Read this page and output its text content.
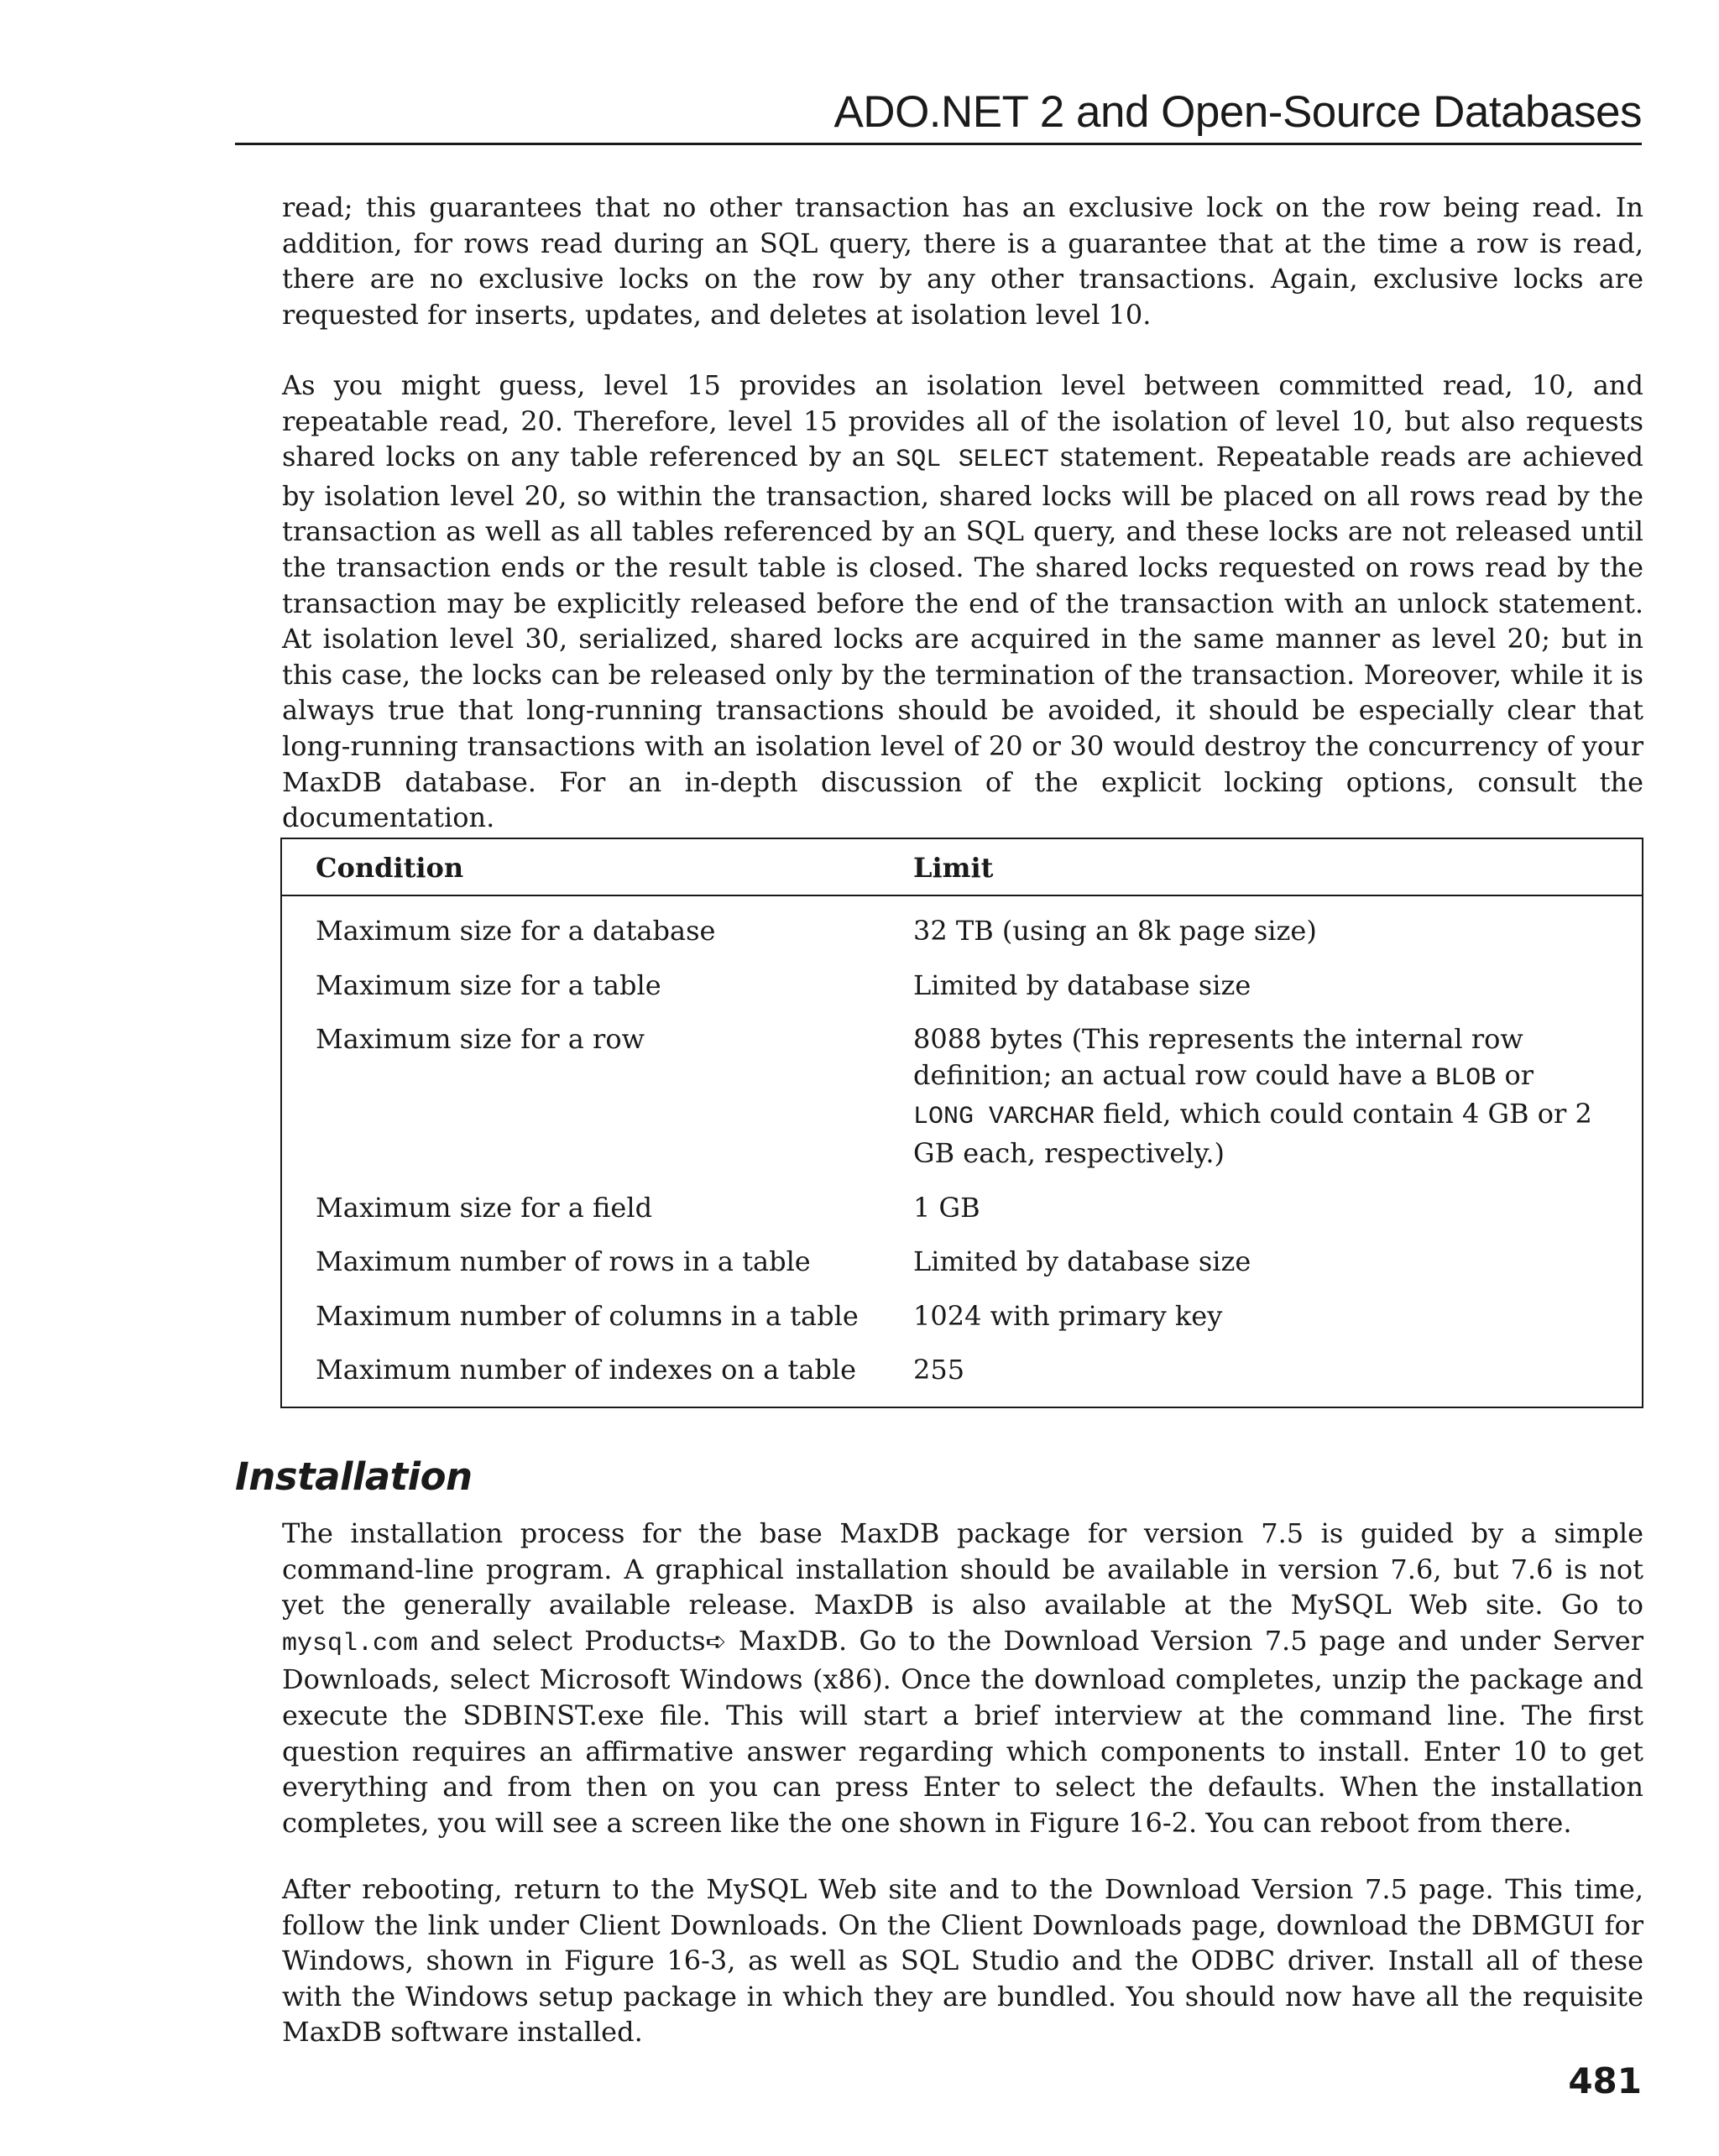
ADO.NET 2 and Open-Source Databases

read; this guarantees that no other transaction has an exclusive lock on the row being read. In addition, for rows read during an SQL query, there is a guarantee that at the time a row is read, there are no exclusive locks on the row by any other transactions. Again, exclusive locks are requested for inserts, updates, and deletes at isolation level 10.

As you might guess, level 15 provides an isolation level between committed read, 10, and repeatable read, 20. Therefore, level 15 provides all of the isolation of level 10, but also requests shared locks on any table referenced by an SQL SELECT statement. Repeatable reads are achieved by isolation level 20, so within the transaction, shared locks will be placed on all rows read by the transaction as well as all tables referenced by an SQL query, and these locks are not released until the transaction ends or the result table is closed. The shared locks requested on rows read by the transaction may be explicitly released before the end of the transaction with an unlock statement. At isolation level 30, serialized, shared locks are acquired in the same manner as level 20; but in this case, the locks can be released only by the termination of the transaction. Moreover, while it is always true that long-running transactions should be avoided, it should be especially clear that long-running transactions with an isolation level of 20 or 30 would destroy the concurrency of your MaxDB database. For an in-depth discussion of the explicit locking options, consult the documentation.

Condition	Limit
Maximum size for a database	32 TB (using an 8k page size)
Maximum size for a table	Limited by database size
Maximum size for a row	8088 bytes (This represents the internal row definition; an actual row could have a BLOB or LONG VARCHAR field, which could contain 4 GB or 2 GB each, respectively.)
Maximum size for a field	1 GB
Maximum number of rows in a table	Limited by database size
Maximum number of columns in a table	1024 with primary key
Maximum number of indexes on a table	255
Installation

The installation process for the base MaxDB package for version 7.5 is guided by a simple command-line program. A graphical installation should be available in version 7.6, but 7.6 is not yet the generally available release. MaxDB is also available at the MySQL Web site. Go to mysql.com and select Products➪ MaxDB. Go to the Download Version 7.5 page and under Server Downloads, select Microsoft Windows (x86). Once the download completes, unzip the package and execute the SDBINST.exe file. This will start a brief interview at the command line. The first question requires an affirmative answer regarding which components to install. Enter 10 to get everything and from then on you can press Enter to select the defaults. When the installation completes, you will see a screen like the one shown in Figure 16-2. You can reboot from there.

After rebooting, return to the MySQL Web site and to the Download Version 7.5 page. This time, follow the link under Client Downloads. On the Client Downloads page, download the DBMGUI for Windows, shown in Figure 16-3, as well as SQL Studio and the ODBC driver. Install all of these with the Windows setup package in which they are bundled. You should now have all the requisite MaxDB software installed.

481
